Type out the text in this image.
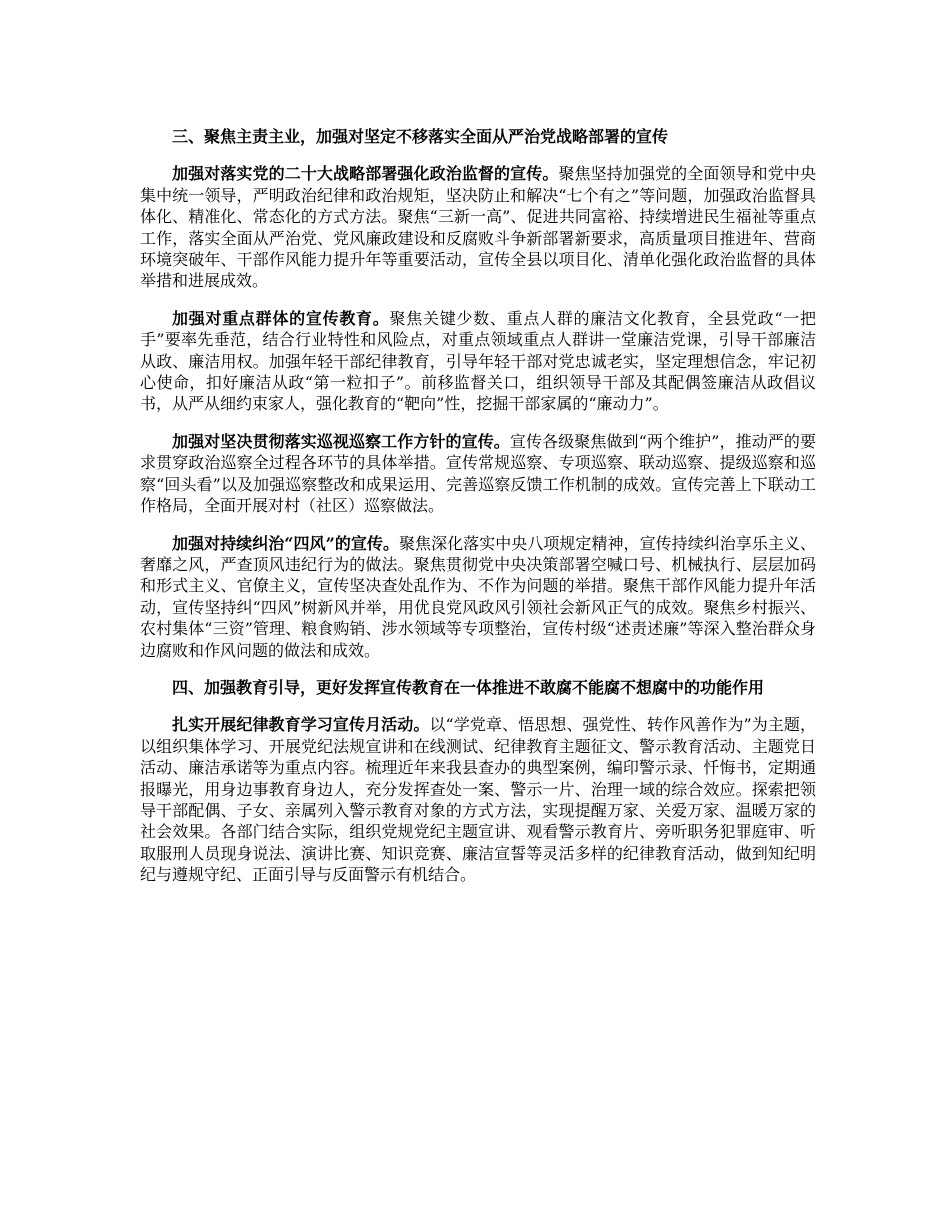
三、聚焦主责主业，加强对坚定不移落实全面从严治党战略部署的宣传

加强对落实党的二十大战略部署强化政治监督的宣传。聚焦坚持加强党的全面领导和党中央集中统一领导，严明政治纪律和政治规矩，坚决防止和解决“七个有之”等问题，加强政治监督具体化、精准化、常态化的方式方法。聚焦“三新一高”、促进共同富裕、持续增进民生福祉等重点工作，落实全面从严治党、党风廉政建设和反腐败斗争新部署新要求，高质量项目推进年、营商环境突破年、干部作风能力提升年等重要活动，宣传全县以项目化、清单化强化政治监督的具体举措和进展成效。

加强对重点群体的宣传教育。聚焦关键少数、重点人群的廉洁文化教育，全县党政“一把手”要率先垂范，结合行业特性和风险点，对重点领域重点人群讲一堂廉洁党课，引导干部廉洁从政、廉洁用权。加强年轻干部纪律教育，引导年轻干部对党忠诚老实，坚定理想信念，牢记初心使命，扣好廉洁从政“第一粒扣子”。前移监督关口，组织领导干部及其配偶签廉洁从政倡议书，从严从细约束家人，强化教育的“靶向”性，挖掘干部家属的“廉动力”。

加强对坚决贯彻落实巡视巡察工作方针的宣传。宣传各级聚焦做到“两个维护”，推动严的要求贯穿政治巡察全过程各环节的具体举措。宣传常规巡察、专项巡察、联动巡察、提级巡察和巡察“回头看”以及加强巡察整改和成果运用、完善巡察反馈工作机制的成效。宣传完善上下联动工作格局，全面开展对村（社区）巡察做法。

加强对持续纠治“四风”的宣传。聚焦深化落实中央八项规定精神，宣传持续纠治享乐主义、奢靡之风，严查顶风违纪行为的做法。聚焦贯彻党中央决策部署空喊口号、机械执行、层层加码和形式主义、官僚主义，宣传坚决查处乱作为、不作为问题的举措。聚焦干部作风能力提升年活动，宣传坚持纠“四风”树新风并举，用优良党风政风引领社会新风正气的成效。聚焦乡村振兴、农村集体“三资”管理、粮食购销、涉水领域等专项整治，宣传村级“述责述廉”等深入整治群众身边腐败和作风问题的做法和成效。

四、加强教育引导，更好发挥宣传教育在一体推进不敢腐不能腐不想腐中的功能作用

扎实开展纪律教育学习宣传月活动。以“学党章、悟思想、强党性、转作风善作为”为主题，以组织集体学习、开展党纪法规宣讲和在线测试、纪律教育主题征文、警示教育活动、主题党日活动、廉洁承诺等为重点内容。梳理近年来我县查办的典型案例，编印警示录、忏悔书，定期通报曝光，用身边事教育身边人，充分发挥查处一案、警示一片、治理一域的综合效应。探索把领导干部配偶、子女、亲属列入警示教育对象的方式方法，实现提醒万家、关爱万家、温暖万家的社会效果。各部门结合实际，组织党规党纪主题宣讲、观看警示教育片、旁听职务犯罪庭审、听取服刑人员现身说法、演讲比赛、知识竞赛、廉洁宣誓等灵活多样的纪律教育活动，做到知纪明纪与遵规守纪、正面引导与反面警示有机结合。
